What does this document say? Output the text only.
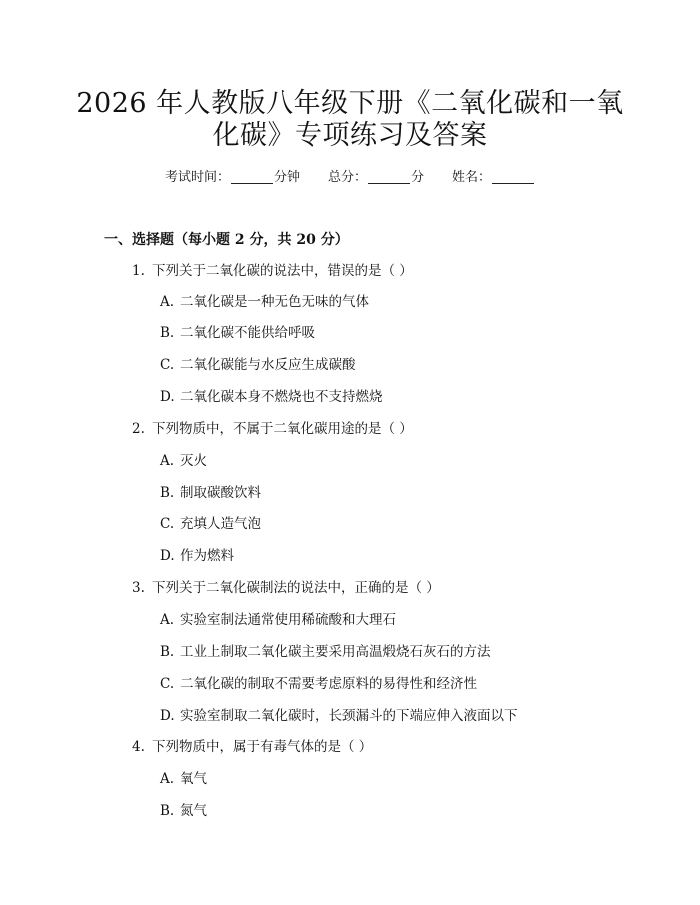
2026 年人教版八年级下册《二氧化碳和一氧
化碳》专项练习及答案
考试时间：	分钟 总分：	分 姓名：
一、选择题（每小题 2 分，共 20 分）
1. 下列关于二氧化碳的说法中，错误的是（ ）
A. 二氧化碳是一种无色无味的气体
B. 二氧化碳不能供给呼吸
C. 二氧化碳能与水反应生成碳酸
D. 二氧化碳本身不燃烧也不支持燃烧
2. 下列物质中，不属于二氧化碳用途的是（ ）
A. 灭火
B. 制取碳酸饮料
C. 充填人造气泡
D. 作为燃料
3. 下列关于二氧化碳制法的说法中，正确的是（ ）
A. 实验室制法通常使用稀硫酸和大理石
B. 工业上制取二氧化碳主要采用高温煅烧石灰石的方法
C. 二氧化碳的制取不需要考虑原料的易得性和经济性
D. 实验室制取二氧化碳时，长颈漏斗的下端应伸入液面以下
4. 下列物质中，属于有毒气体的是（ ）
A. 氧气
B. 氮气
